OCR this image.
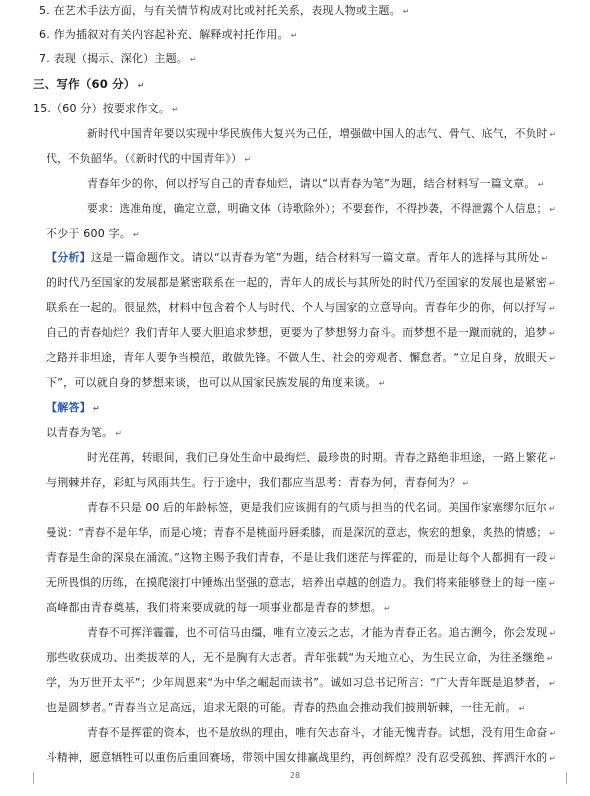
5. 在艺术手法方面，与有关情节构成对比或衬托关系，表现人物或主题。 ↵
6. 作为插叙对有关内容起补充、解释或衬托作用。 ↵
7. 表现（揭示、深化）主题。 ↵
三、写作（60 分） ↵
15.（60 分）按要求作文。 ↵
新时代中国青年要以实现中华民族伟大复兴为己任，增强做中国人的志气、骨气、底气，不负时 ↵
代，不负韶华。（《新时代的中国青年》） ↵
青春年少的你，何以抒写自己的青春灿烂，请以“以青春为笔”为题，结合材料写一篇文章。 ↵
要求：选准角度，确定立意，明确文体（诗歌除外）；不要套作，不得抄袭，不得泄露个人信息； ↵
不少于 600 字。 ↵
【分析】这是一篇命题作文。请以“以青春为笔”为题，结合材料写一篇文章。青年人的选择与其所处 ↵
的时代乃至国家的发展都是紧密联系在一起的，青年人的成长与其所处的时代乃至国家的发展也是紧密 ↵
联系在一起的。很显然，材料中包含着个人与时代、个人与国家的立意导向。青春年少的你，何以抒写 ↵
自己的青春灿烂？我们青年人要大胆追求梦想，更要为了梦想努力奋斗。而梦想不是一蹴而就的，追梦 ↵
之路并非坦途，青年人要争当模范，敢做先锋。不做人生、社会的旁观者、懈怠者。“立足自身，放眼天 ↵
下”，可以就自身的梦想来谈，也可以从国家民族发展的角度来谈。 ↵
【解答】 ↵
以青春为笔。 ↵
时光荏苒，转眼间，我们已身处生命中最绚烂、最珍贵的时期。青春之路绝非坦途，一路上繁花 ↵
与荆棘并存，彩虹与风雨共生。行于途中，我们都应当思考：青春为何，青春何为？ ↵
青春不只是 00 后的年龄标签，更是我们应该拥有的气质与担当的代名词。美国作家塞缪尔厄尔 ↵
曼说：“青春不是年华，而是心境；青春不是桃面丹唇柔膝，而是深沉的意志，恢宏的想象，炙热的情感； ↵
青春是生命的深泉在涌流。”这物主赐予我们青春，不是让我们迷茫与挥霍的，而是让每个人都拥有一段 ↵
无所畏惧的历练，在摸爬滚打中锤炼出坚强的意志，培养出卓越的创造力。我们将来能够登上的每一座 ↵
高峰都由青春奠基，我们将来要成就的每一项事业都是青春的梦想。 ↵
青春不可挥洋霾霾，也不可信马由缰，唯有立凌云之志，才能为青春正名。追古溯今，你会发现 ↵
那些收获成功、出类拔萃的人，无不是胸有大志者。青年张载“为天地立心，为生民立命，为往圣继绝 ↵
学，为万世开太平”；少年周恩来“为中华之崛起而读书”。诚如习总书记所言：“广大青年既是追梦者， ↵
也是圆梦者。”青春当立足高远，追求无限的可能。青春的热血会推动我们披荆斩棘，一往无前。 ↵
青春不是挥霍的资本，也不是放纵的理由，唯有矢志奋斗，才能无愧青春。试想，没有用生命奋 ↵
斗精神，愿意牺牲可以重伤后重回赛场，带领中国女排赢战里约，再创辉煌？没有忍受孤独、挥洒汗水的 ↵
28
